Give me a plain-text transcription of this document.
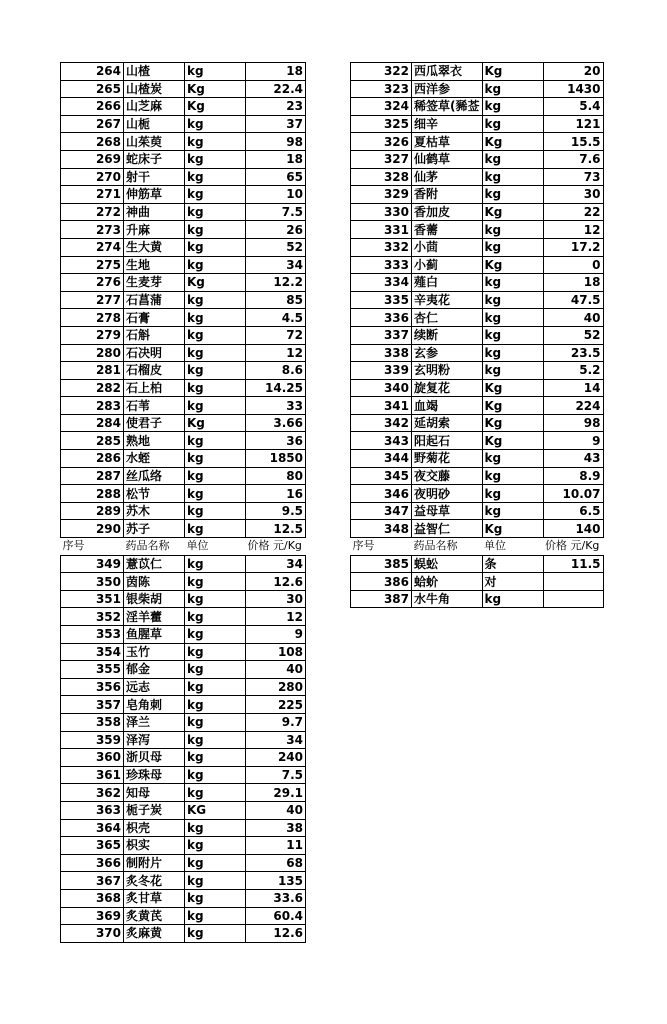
264	山楂	kg	18
265	山楂炭	Kg	22.4
266	山芝麻	Kg	23
267	山栀	kg	37
268	山茱萸	kg	98
269	蛇床子	kg	18
270	射干	kg	65
271	伸筋草	kg	10
272	神曲	kg	7.5
273	升麻	kg	26
274	生大黄	kg	52
275	生地	kg	34
276	生麦芽	Kg	12.2
277	石菖蒲	kg	85
278	石膏	kg	4.5
279	石斛	kg	72
280	石决明	kg	12
281	石榴皮	kg	8.6
282	石上柏	kg	14.25
283	石苇	kg	33
284	使君子	Kg	3.66
285	熟地	kg	36
286	水蛭	kg	1850
287	丝瓜络	kg	80
288	松节	kg	16
289	苏木	kg	9.5
290	苏子	kg	12.5
序号	药品名称	单位	价格 元/Kg
349	薏苡仁	kg	34
350	茵陈	kg	12.6
351	银柴胡	kg	30
352	淫羊藿	kg	12
353	鱼腥草	kg	9
354	玉竹	kg	108
355	郁金	kg	40
356	远志	kg	280
357	皂角刺	kg	225
358	泽兰	kg	9.7
359	泽泻	kg	34
360	浙贝母	kg	240
361	珍珠母	kg	7.5
362	知母	kg	29.1
363	栀子炭	KG	40
364	枳壳	kg	38
365	枳实	kg	11
366	制附片	kg	68
367	炙冬花	kg	135
368	炙甘草	kg	33.6
369	炙黄芪	kg	60.4
370	炙麻黄	kg	12.6
322	西瓜翠衣	Kg	20
323	西洋参	kg	1430
324	稀签草(豨莶	kg	5.4
325	细辛	kg	121
326	夏枯草	Kg	15.5
327	仙鹤草	kg	7.6
328	仙茅	kg	73
329	香附	kg	30
330	香加皮	Kg	22
331	香薷	kg	12
332	小茴	kg	17.2
333	小蓟	Kg	0
334	薤白	kg	18
335	辛夷花	kg	47.5
336	杏仁	kg	40
337	续断	kg	52
338	玄参	kg	23.5
339	玄明粉	kg	5.2
340	旋复花	Kg	14
341	血竭	Kg	224
342	延胡索	Kg	98
343	阳起石	Kg	9
344	野菊花	kg	43
345	夜交藤	kg	8.9
346	夜明砂	kg	10.07
347	益母草	kg	6.5
348	益智仁	Kg	140
序号	药品名称	单位	价格 元/Kg
385	蜈蚣	条	11.5
386	蛤蚧	对	
387	水牛角	kg	
